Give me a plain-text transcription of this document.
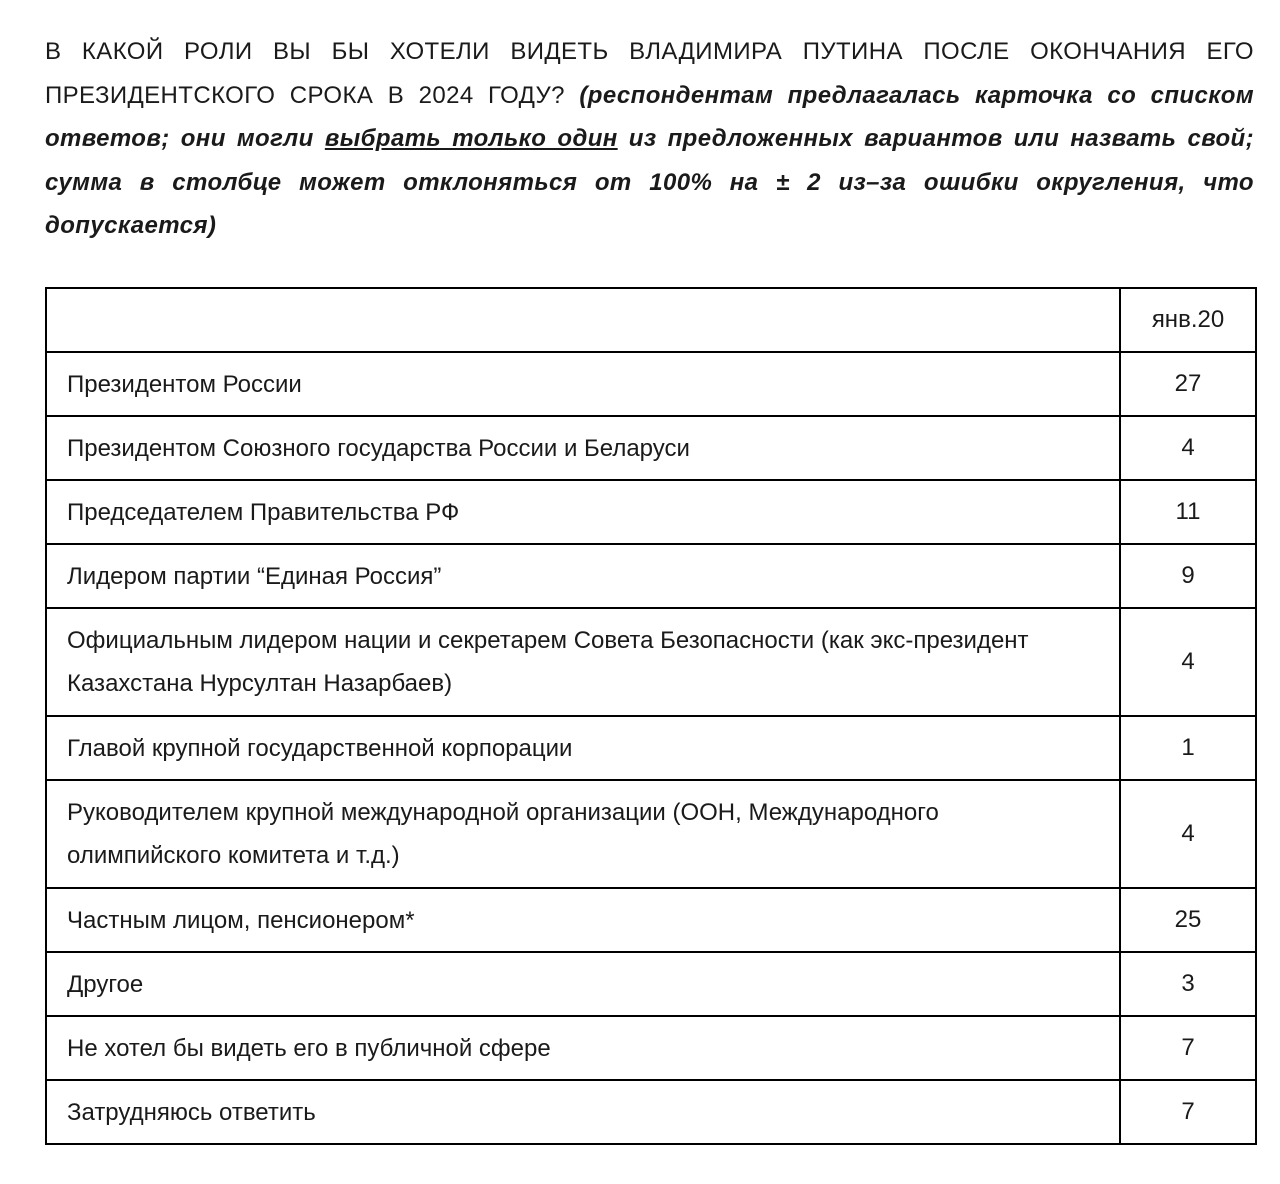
В КАКОЙ РОЛИ ВЫ БЫ ХОТЕЛИ ВИДЕТЬ ВЛАДИМИРА ПУТИНА ПОСЛЕ ОКОНЧАНИЯ ЕГО ПРЕЗИДЕНТСКОГО СРОКА В 2024 ГОДУ? (респондентам предлагалась карточка со списком ответов; они могли выбрать только один из предложенных вариантов или назвать свой; сумма в столбце может отклоняться от 100% на ± 2 из–за ошибки округления, что допускается)
	янв.20
Президентом России	27
Президентом Союзного государства России и Беларуси	4
Председателем Правительства РФ	11
Лидером партии “Единая Россия”	9
Официальным лидером нации и секретарем Совета Безопасности (как экс-президент Казахстана Нурсултан Назарбаев)	4
Главой крупной государственной корпорации	1
Руководителем крупной международной организации (ООН, Международного олимпийского комитета и т.д.)	4
Частным лицом, пенсионером*	25
Другое	3
Не хотел бы видеть его в публичной сфере	7
Затрудняюсь ответить	7
